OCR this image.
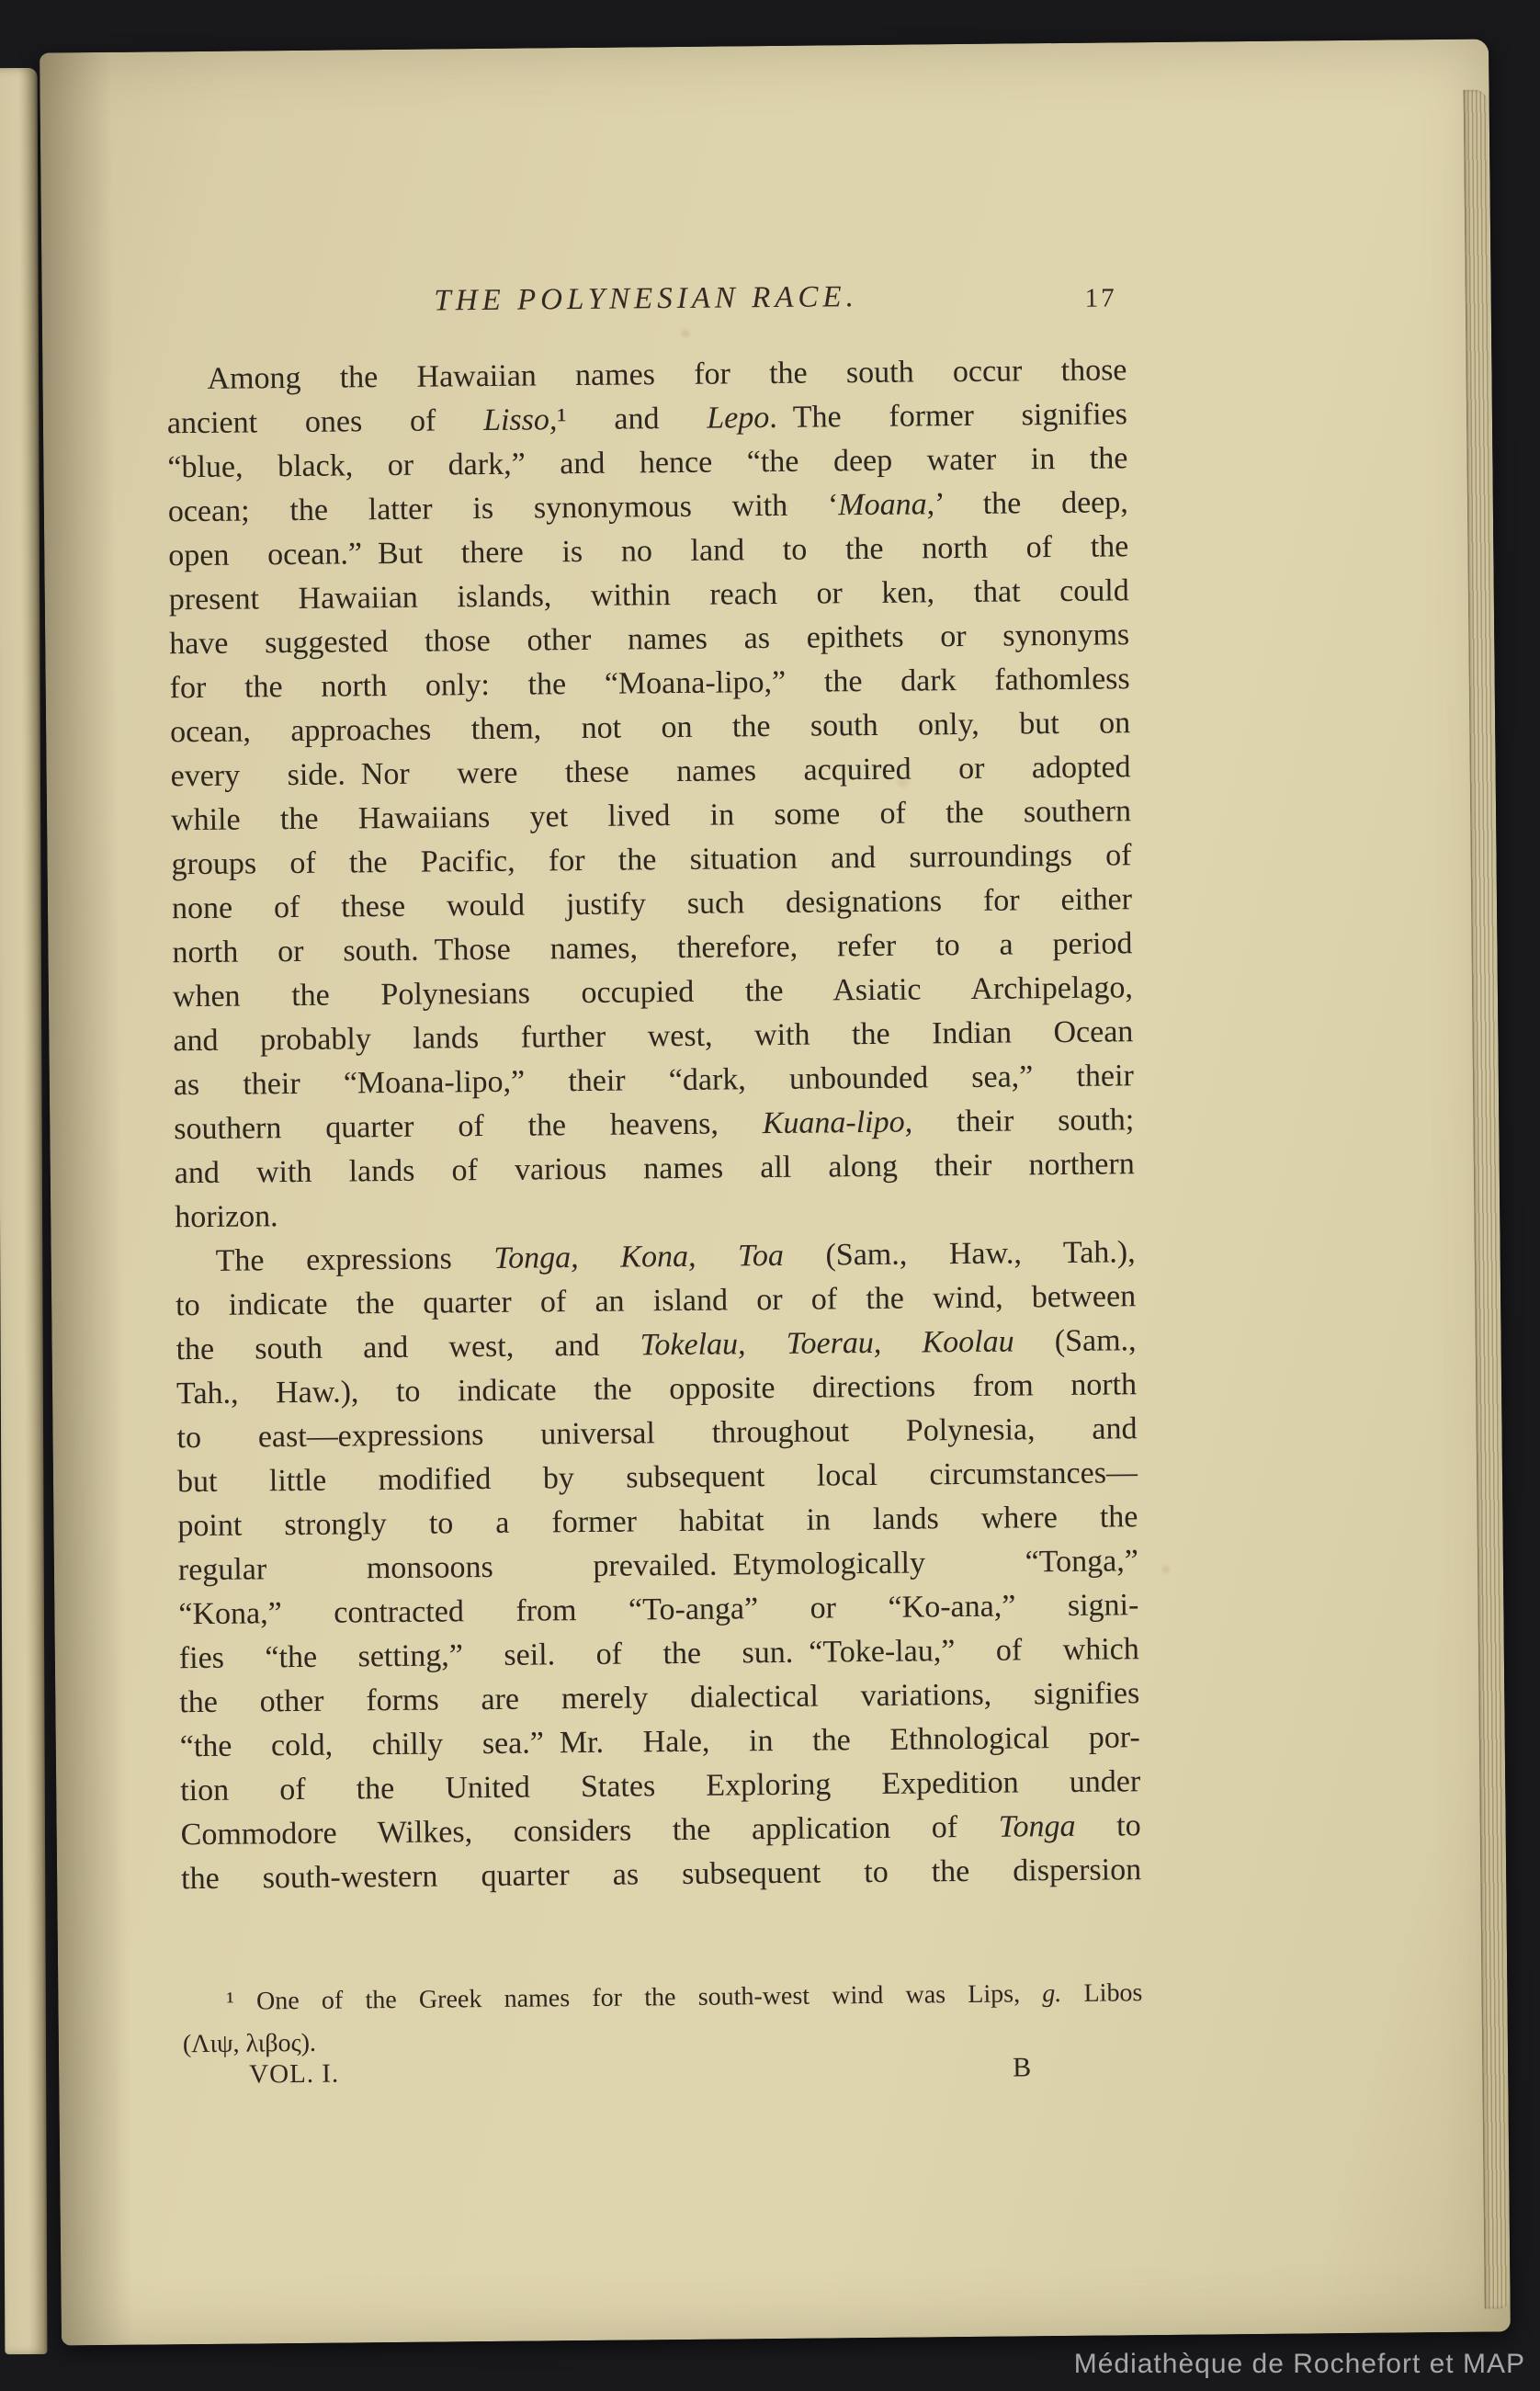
THE POLYNESIAN RACE.	17
Among the Hawaiian names for the south occur those
ancient ones of Lisso,¹ and Lepo. The former signifies
“blue, black, or dark,” and hence “the deep water in the
ocean; the latter is synonymous with ‘Moana,’ the deep,
open ocean.” But there is no land to the north of the
present Hawaiian islands, within reach or ken, that could
have suggested those other names as epithets or synonyms
for the north only: the “Moana-lipo,” the dark fathomless
ocean, approaches them, not on the south only, but on
every side. Nor were these names acquired or adopted
while the Hawaiians yet lived in some of the southern
groups of the Pacific, for the situation and surroundings of
none of these would justify such designations for either
north or south. Those names, therefore, refer to a period
when the Polynesians occupied the Asiatic Archipelago,
and probably lands further west, with the Indian Ocean
as their “Moana-lipo,” their “dark, unbounded sea,” their
southern quarter of the heavens, Kuana-lipo, their south;
and with lands of various names all along their northern
horizon.
The expressions Tonga, Kona, Toa (Sam., Haw., Tah.),
to indicate the quarter of an island or of the wind, between
the south and west, and Tokelau, Toerau, Koolau (Sam.,
Tah., Haw.), to indicate the opposite directions from north
to east—expressions universal throughout Polynesia, and
but little modified by subsequent local circumstances—
point strongly to a former habitat in lands where the
regular monsoons prevailed. Etymologically “Tonga,”
“Kona,” contracted from “To-anga” or “Ko-ana,” signi-
fies “the setting,” seil. of the sun. “Toke-lau,” of which
the other forms are merely dialectical variations, signifies
“the cold, chilly sea.” Mr. Hale, in the Ethnological por-
tion of the United States Exploring Expedition under
Commodore Wilkes, considers the application of Tonga to
the south-western quarter as subsequent to the dispersion
¹ One of the Greek names for the south-west wind was Lips, g. Libos
(Λιψ, λιβος).
VOL. I.	B
Médiathèque de Rochefort et MAP
